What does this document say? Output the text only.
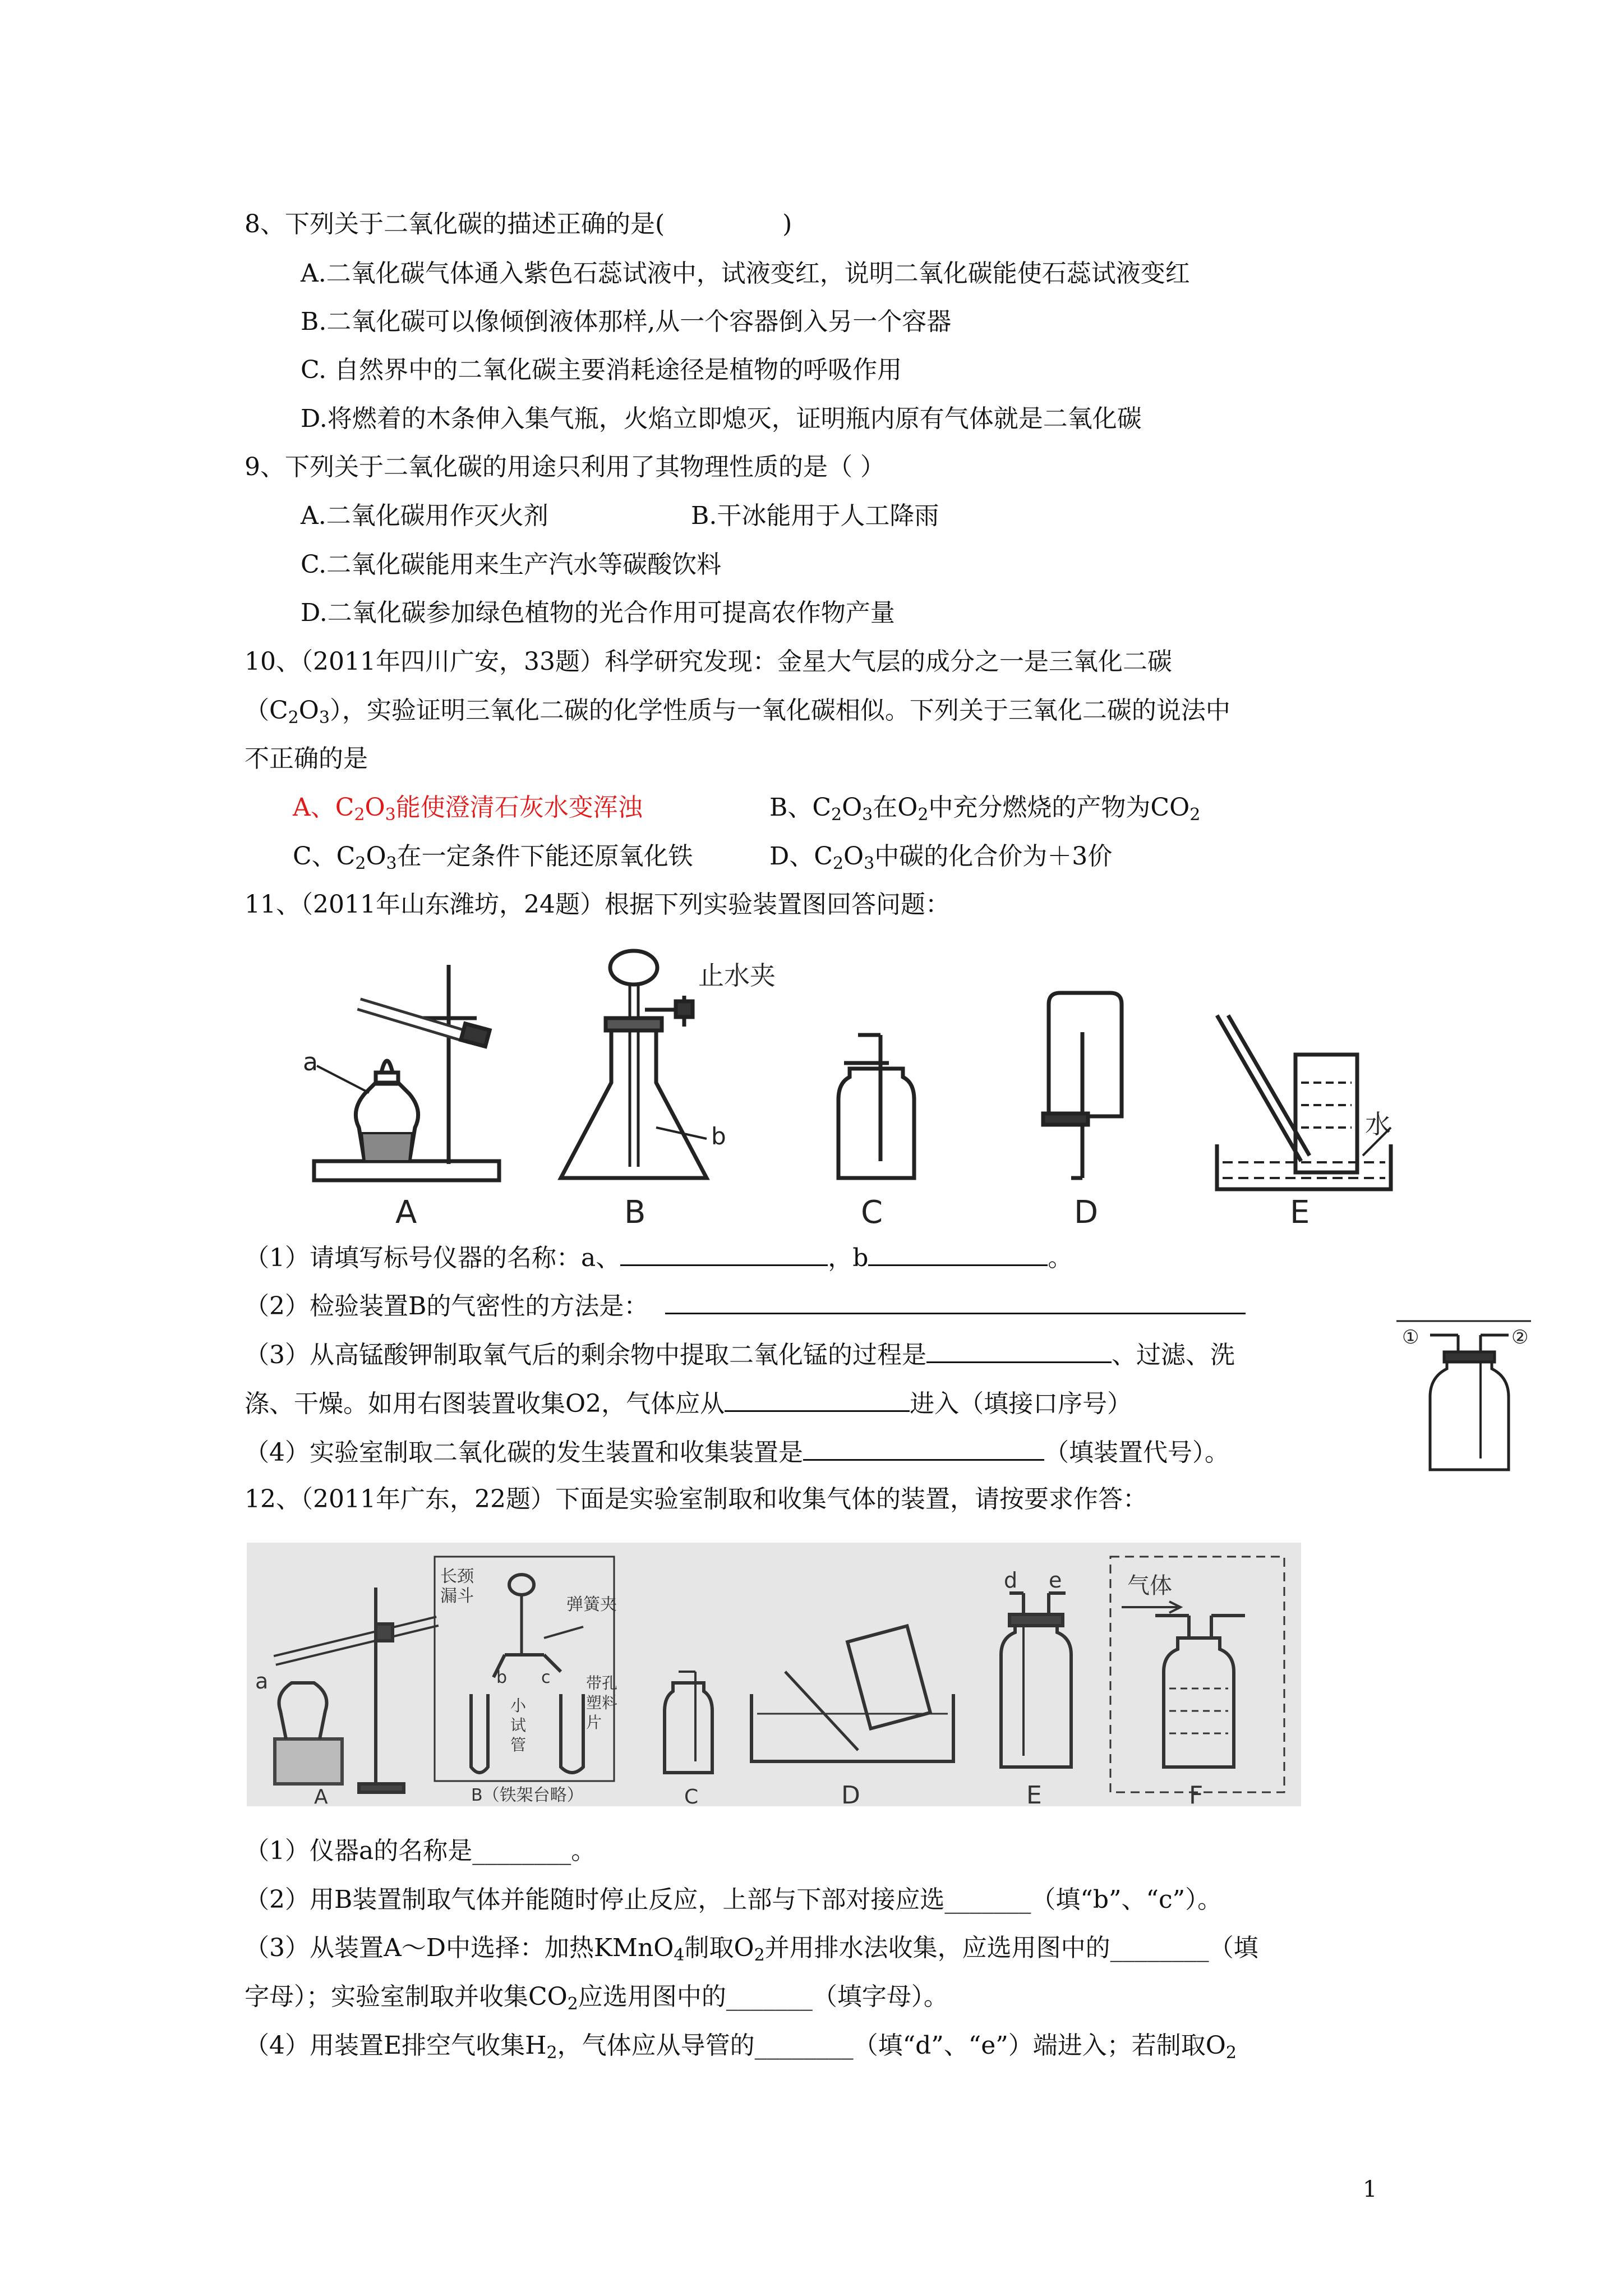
8、下列关于二氧化碳的描述正确的是(	)
A.二氧化碳气体通入紫色石蕊试液中，试液变红，说明二氧化碳能使石蕊试液变红
B.二氧化碳可以像倾倒液体那样,从一个容器倒入另一个容器
C. 自然界中的二氧化碳主要消耗途径是植物的呼吸作用
D.将燃着的木条伸入集气瓶，火焰立即熄灭，证明瓶内原有气体就是二氧化碳
9、下列关于二氧化碳的用途只利用了其物理性质的是（ ）
A.二氧化碳用作灭火剂	B.干冰能用于人工降雨
C.二氧化碳能用来生产汽水等碳酸饮料
D.二氧化碳参加绿色植物的光合作用可提高农作物产量
10、（2011年四川广安，33题）科学研究发现：金星大气层的成分之一是三氧化二碳
$(C_2O_3)$，实验证明三氧化二碳的化学性质与一氧化碳相似。下列关于三氧化二碳的说法中
不正确的是
A、$C_2O_3$能使澄清石灰水变浑浊	B、$C_2O_3$在$O_2$中充分燃烧的产物为$CO_2$
C、$C_2O_3$在一定条件下能还原氧化铁	D、$C_2O_3$中碳的化合价为＋3价
11、（2011年山东潍坊，24题）根据下列实验装置图回答问题：
a
A
止水夹
b
B	C	D
水
E
（1）请填写标号仪器的名称：a、	，b	。
（2）检验装置B的气密性的方法是：
（3）从高锰酸钾制取氧气后的剩余物中提取二氧化锰的过程是	、过滤、洗
涤、干燥。如用右图装置收集O2，气体应从	进入（填接口序号）
（4）实验室制取二氧化碳的发生装置和收集装置是	（填装置代号）。
①	②
12、（2011年广东，22题）下面是实验室制取和收集气体的装置，请按要求作答：
a
A
长颈
漏斗	弹簧夹
b c
小
试
管
带孔
塑料
片
B（铁架台略）	C	D
d e
E
气体
F
（1）仪器a的名称是________。
（2）用B装置制取气体并能随时停止反应，上部与下部对接应选_______（填“b”、“c”）。
（3）从装置A～D中选择：加热KMnO$_4$制取$O_2$并用排水法收集，应选用图中的________（填
字母）；实验室制取并收集$CO_2$应选用图中的_______（填字母）。
（4）用装置E排空气收集$H_2$，气体应从导管的________（填“d”、“e”）端进入；若制取$O_2$
1
